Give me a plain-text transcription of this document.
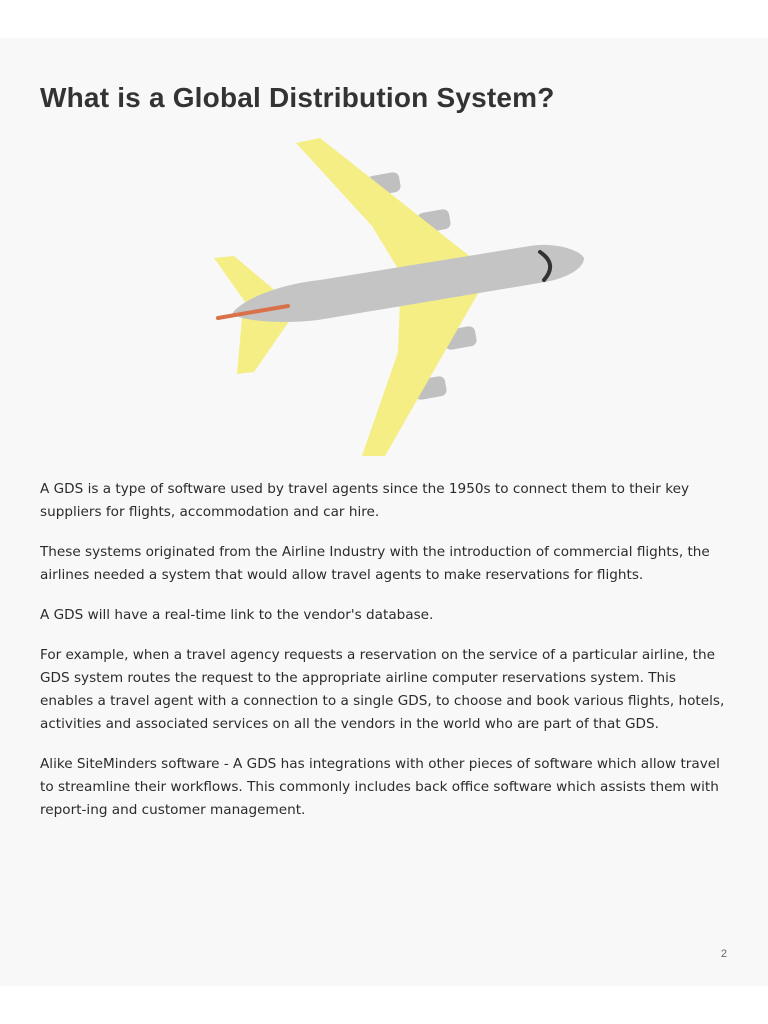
What is a Global Distribution System?

A GDS is a type of software used by travel agents since the 1950s to connect them to their key suppliers for flights, accommodation and car hire.

These systems originated from the Airline Industry with the introduction of commercial flights, the airlines needed a system that would allow travel agents to make reservations for flights.

A GDS will have a real-time link to the vendor's database.

For example, when a travel agency requests a reservation on the service of a particular airline, the GDS system routes the request to the appropriate airline computer reservations system. This enables a travel agent with a connection to a single GDS, to choose and book various flights, hotels, activities and associated services on all the vendors in the world who are part of that GDS.

Alike SiteMinders software - A GDS has integrations with other pieces of software which allow travel to streamline their workflows. This commonly includes back office software which assists them with report-ing and customer management.

2
